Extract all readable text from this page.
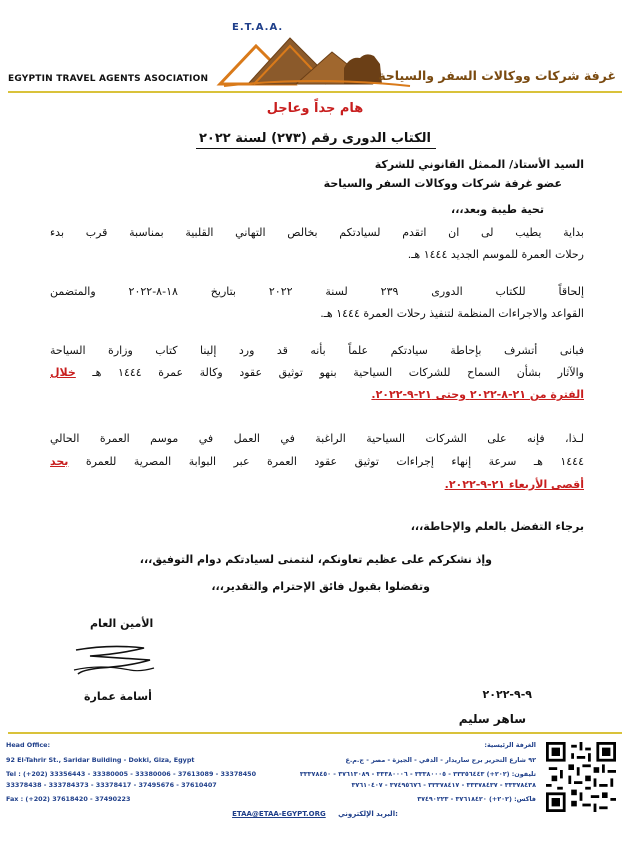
E.T.A.A.
EGYPTIN TRAVEL AGENTS ASOCIATION	غرفة شركات ووكالات السفر والسياحة
هام جداً وعاجل
الكتاب الدورى رقم (٢٧٣) لسنة ٢٠٢٢
السيد الأستاذ/ الممثل القانوني للشركة
عضو غرفة شركات ووكالات السفر والسياحة
تحية طيبة وبعد،،،
بداية يطيب لى ان اتقدم لسيادتكم بخالص التهاني القلبية بمناسبة قرب بدء
رحلات العمرة للموسم الجديد ١٤٤٤ هـ.
إلحاقاً للكتاب الدورى ٢٣٩ لسنة ٢٠٢٢ بتاريخ ١٨-٨-٢٠٢٢ والمتضمن
القواعد والاجراءات المنظمة لتنفيذ رحلات العمرة ١٤٤٤ هـ.
فبانى أتشرف بإحاطة سيادتكم علماً بأنه قد ورد إلينا كتاب وزارة السياحة
والآثار بشأن السماح للشركات السياحية بنهو توثيق عقود وكالة عمرة ١٤٤٤ هـ خلال
الفترة من ٢١-٨-٢٠٢٢ وحتى ٢١-٩-٢٠٢٢.
لـذا، فإنه على الشركات السياحية الراغبة في العمل في موسم العمرة الحالي
١٤٤٤ هـ سرعة إنهاء إجراءات توثيق عقود العمرة عبر البوابة المصرية للعمرة بحد
أقصى الأربعاء ٢١-٩-٢٠٢٢.
برجاء التفضل بالعلم والإحاطة،،،
وإذ نشكركم على عظيم تعاونكم، لنتمنى لسيادتكم دوام التوفيق،،،
وتفضلوا بقبول فائق الإحترام والتقدير،،،
الأمين العام
أسامة عمارة	٩-٩-٢٠٢٢
ساهر سليم
Head Office:
92 El-Tahrir St., Saridar Building - Dokki, Giza, Egypt
Tel : (+202) 33356443 - 33380005 - 33380006 - 37613089 - 33378450
33378438 - 333784373 - 33378417 - 37495676 - 37610407
Fax : (+202) 37618420 - 37490223
الغرفة الرئيسية:
٩٢ شارع التحرير برج ساريدار - الدقي - الجيزة - مصر - ج.م.ع
تليفون: (٢٠٢+) ٣٣٣٥٦٤٤٣ - ٣٣٣٨٠٠٠٥ - ٣٣٣٨٠٠٠٦ - ٣٧٦١٣٠٨٩ - ٣٣٣٧٨٤٥٠
٣٣٣٧٨٤٣٨ - ٣٣٣٧٨٤٣٧ - ٣٣٣٧٨٤١٧ - ٣٧٤٩٥٦٧٦ - ٣٧٦١٠٤٠٧
فاكس: (٢٠٢+) ٣٧٦١٨٤٢٠ - ٣٧٤٩٠٢٢٣
ETAA@ETAA-EGYPT.ORG البريد الإلكتروني:
